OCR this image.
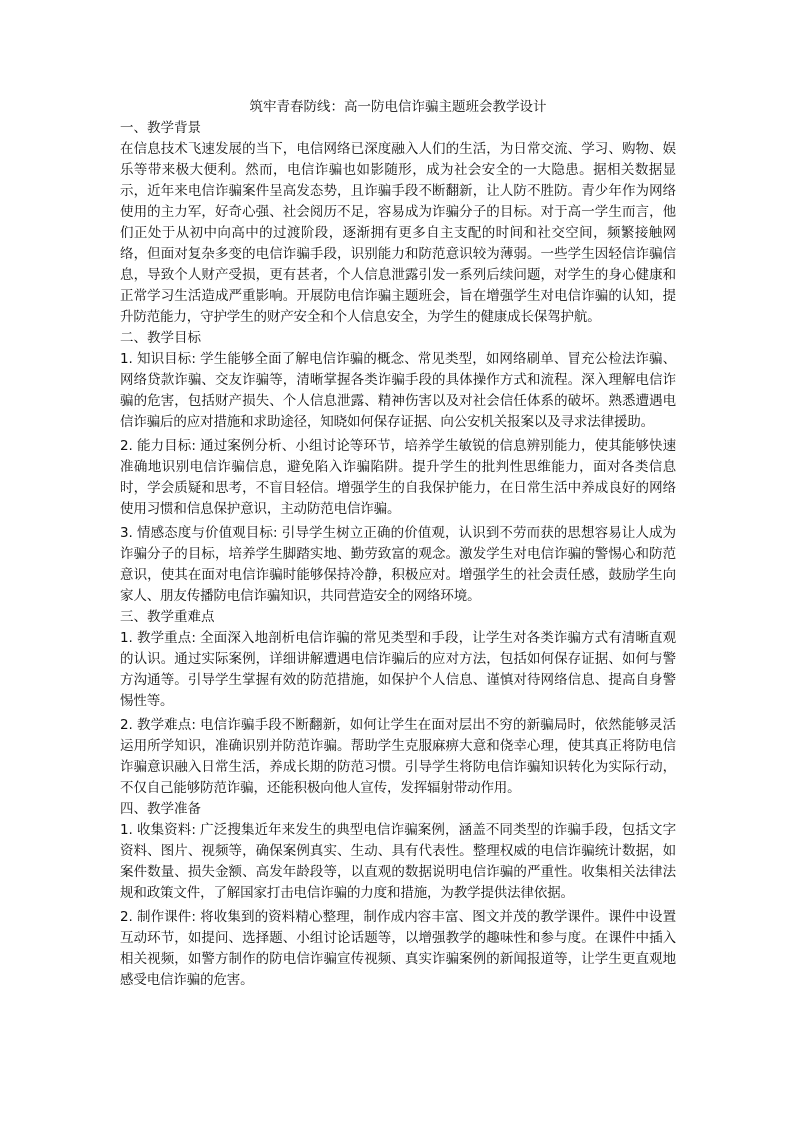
筑牢青春防线：高一防电信诈骗主题班会教学设计

一、教学背景

在信息技术飞速发展的当下，电信网络已深度融入人们的生活，为日常交流、学习、购物、娱乐等带来极大便利。然而，电信诈骗也如影随形，成为社会安全的一大隐患。据相关数据显示，近年来电信诈骗案件呈高发态势，且诈骗手段不断翻新，让人防不胜防。青少年作为网络使用的主力军，好奇心强、社会阅历不足，容易成为诈骗分子的目标。对于高一学生而言，他们正处于从初中向高中的过渡阶段，逐渐拥有更多自主支配的时间和社交空间，频繁接触网络，但面对复杂多变的电信诈骗手段，识别能力和防范意识较为薄弱。一些学生因轻信诈骗信息，导致个人财产受损，更有甚者，个人信息泄露引发一系列后续问题，对学生的身心健康和正常学习生活造成严重影响。开展防电信诈骗主题班会，旨在增强学生对电信诈骗的认知，提升防范能力，守护学生的财产安全和个人信息安全，为学生的健康成长保驾护航。

二、教学目标

1. 知识目标: 学生能够全面了解电信诈骗的概念、常见类型，如网络刷单、冒充公检法诈骗、网络贷款诈骗、交友诈骗等，清晰掌握各类诈骗手段的具体操作方式和流程。深入理解电信诈骗的危害，包括财产损失、个人信息泄露、精神伤害以及对社会信任体系的破坏。熟悉遭遇电信诈骗后的应对措施和求助途径，知晓如何保存证据、向公安机关报案以及寻求法律援助。

2. 能力目标: 通过案例分析、小组讨论等环节，培养学生敏锐的信息辨别能力，使其能够快速准确地识别电信诈骗信息，避免陷入诈骗陷阱。提升学生的批判性思维能力，面对各类信息时，学会质疑和思考，不盲目轻信。增强学生的自我保护能力，在日常生活中养成良好的网络使用习惯和信息保护意识，主动防范电信诈骗。

3. 情感态度与价值观目标: 引导学生树立正确的价值观，认识到不劳而获的思想容易让人成为诈骗分子的目标，培养学生脚踏实地、勤劳致富的观念。激发学生对电信诈骗的警惕心和防范意识，使其在面对电信诈骗时能够保持冷静，积极应对。增强学生的社会责任感，鼓励学生向家人、朋友传播防电信诈骗知识，共同营造安全的网络环境。

三、教学重难点

1. 教学重点: 全面深入地剖析电信诈骗的常见类型和手段，让学生对各类诈骗方式有清晰直观的认识。通过实际案例，详细讲解遭遇电信诈骗后的应对方法，包括如何保存证据、如何与警方沟通等。引导学生掌握有效的防范措施，如保护个人信息、谨慎对待网络信息、提高自身警惕性等。

2. 教学难点: 电信诈骗手段不断翻新，如何让学生在面对层出不穷的新骗局时，依然能够灵活运用所学知识，准确识别并防范诈骗。帮助学生克服麻痹大意和侥幸心理，使其真正将防电信诈骗意识融入日常生活，养成长期的防范习惯。引导学生将防电信诈骗知识转化为实际行动，不仅自己能够防范诈骗，还能积极向他人宣传，发挥辐射带动作用。

四、教学准备

1. 收集资料: 广泛搜集近年来发生的典型电信诈骗案例，涵盖不同类型的诈骗手段，包括文字资料、图片、视频等，确保案例真实、生动、具有代表性。整理权威的电信诈骗统计数据，如案件数量、损失金额、高发年龄段等，以直观的数据说明电信诈骗的严重性。收集相关法律法规和政策文件，了解国家打击电信诈骗的力度和措施，为教学提供法律依据。

2. 制作课件: 将收集到的资料精心整理，制作成内容丰富、图文并茂的教学课件。课件中设置互动环节，如提问、选择题、小组讨论话题等，以增强教学的趣味性和参与度。在课件中插入相关视频，如警方制作的防电信诈骗宣传视频、真实诈骗案例的新闻报道等，让学生更直观地感受电信诈骗的危害。
